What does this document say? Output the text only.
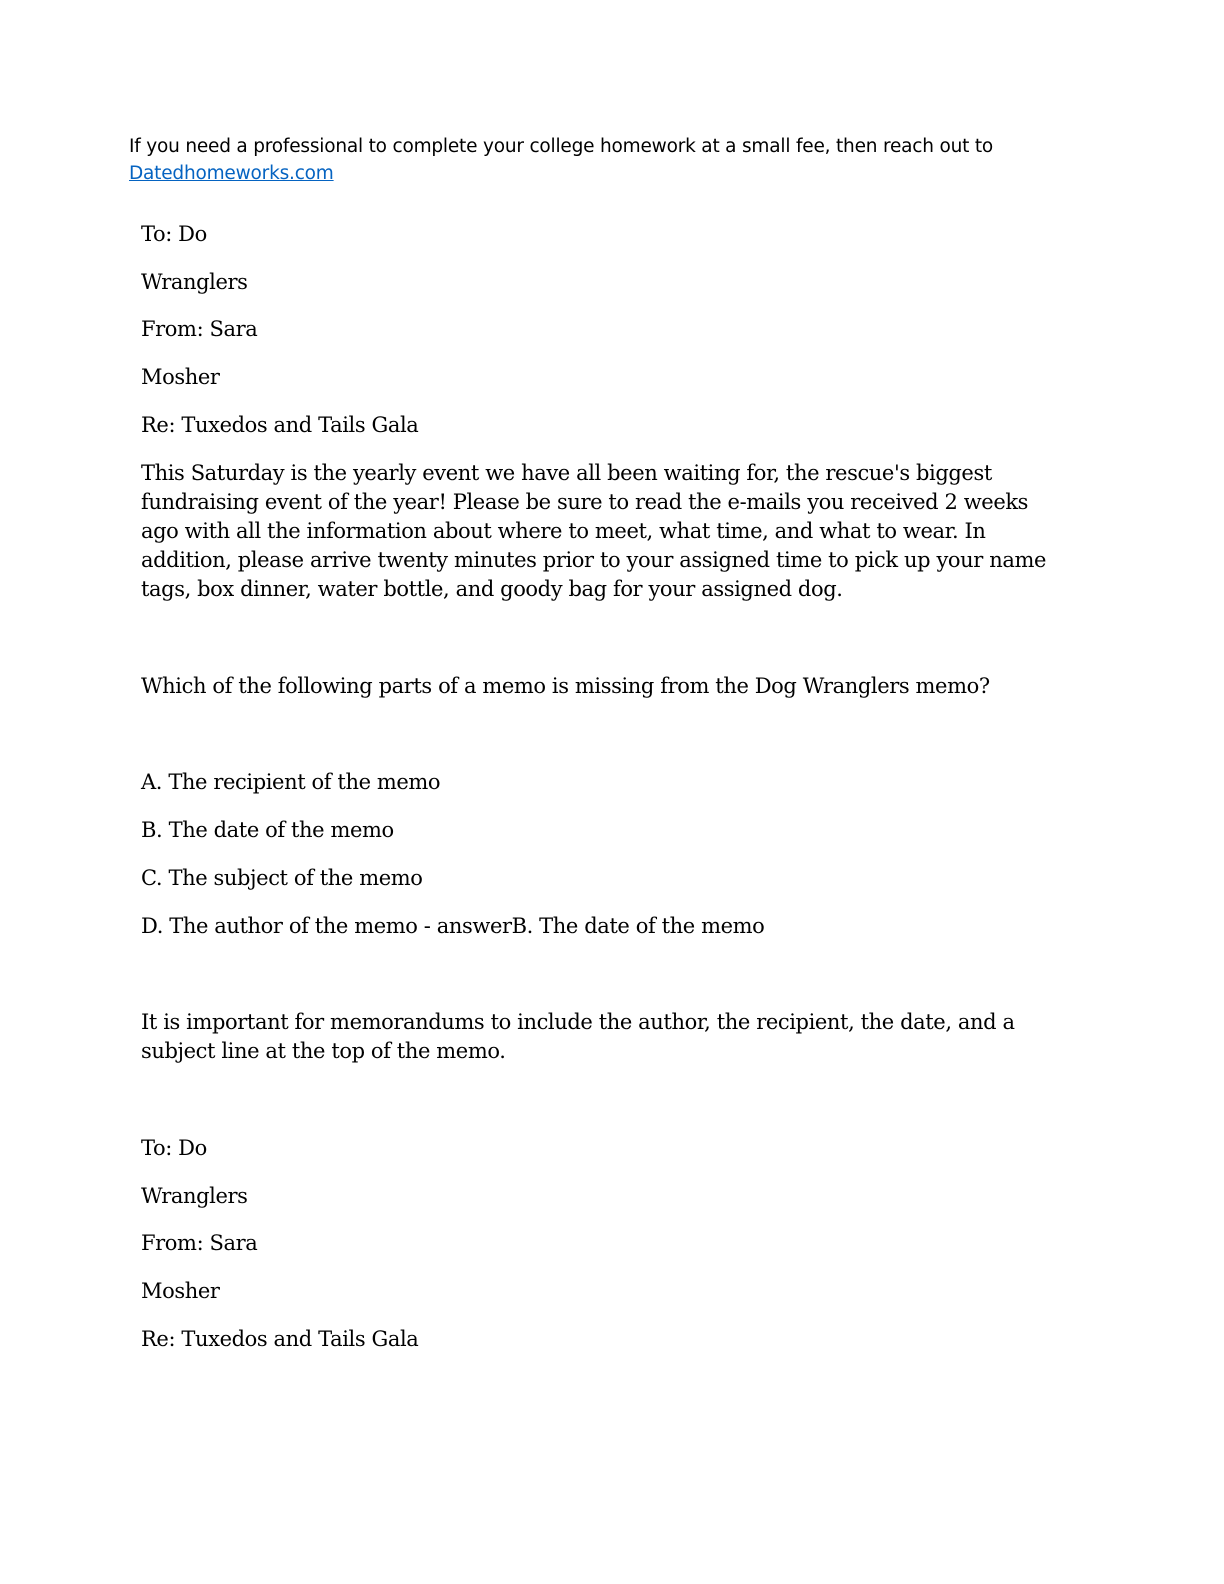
If you need a professional to complete your college homework at a small fee, then reach out to
Datedhomeworks.com
To: Do
Wranglers
From: Sara
Mosher
Re: Tuxedos and Tails Gala
This Saturday is the yearly event we have all been waiting for, the rescue's biggest fundraising event of the year! Please be sure to read the e-mails you received 2 weeks ago with all the information about where to meet, what time, and what to wear. In addition, please arrive twenty minutes prior to your assigned time to pick up your name tags, box dinner, water bottle, and goody bag for your assigned dog.
Which of the following parts of a memo is missing from the Dog Wranglers memo?
A. The recipient of the memo
B. The date of the memo
C. The subject of the memo
D. The author of the memo - answerB. The date of the memo
It is important for memorandums to include the author, the recipient, the date, and a subject line at the top of the memo.
To: Do
Wranglers
From: Sara
Mosher
Re: Tuxedos and Tails Gala
